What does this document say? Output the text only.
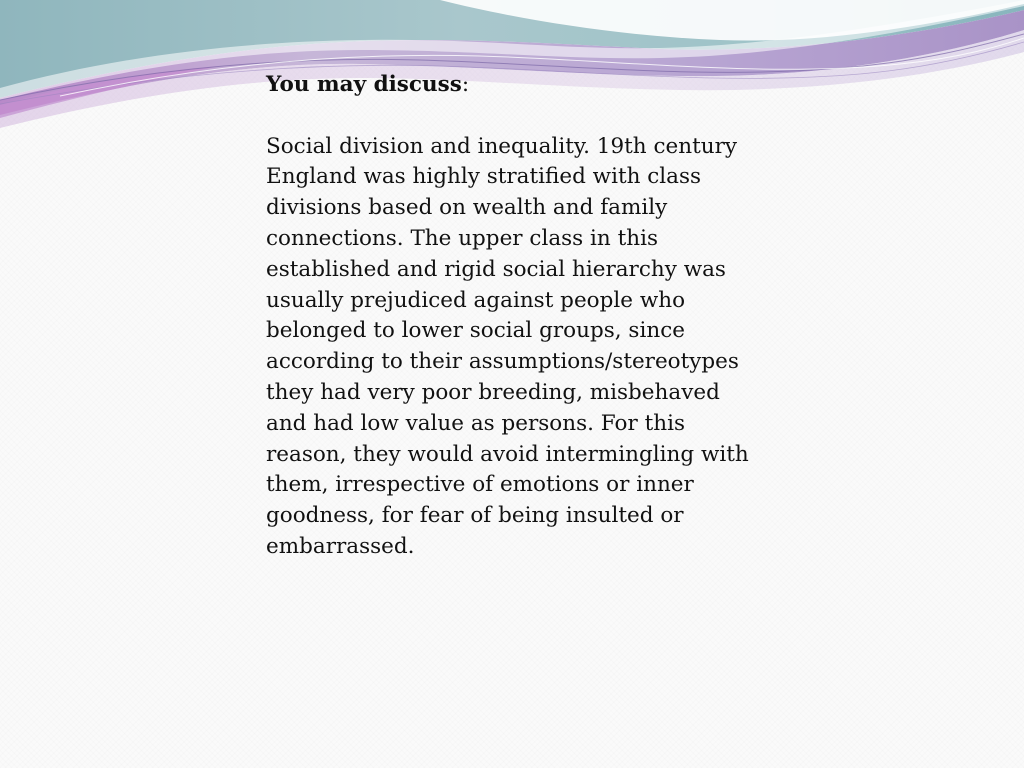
You may discuss:

Social division and inequality. 19th century

England was highly stratified with class

divisions based on wealth and family

connections. The upper class in this

established and rigid social hierarchy was

usually prejudiced against people who

belonged to lower social groups, since

according to their assumptions/stereotypes

they had very poor breeding, misbehaved

and had low value as persons. For this

reason, they would avoid intermingling with

them, irrespective of emotions or inner

goodness, for fear of being insulted or

embarrassed.
